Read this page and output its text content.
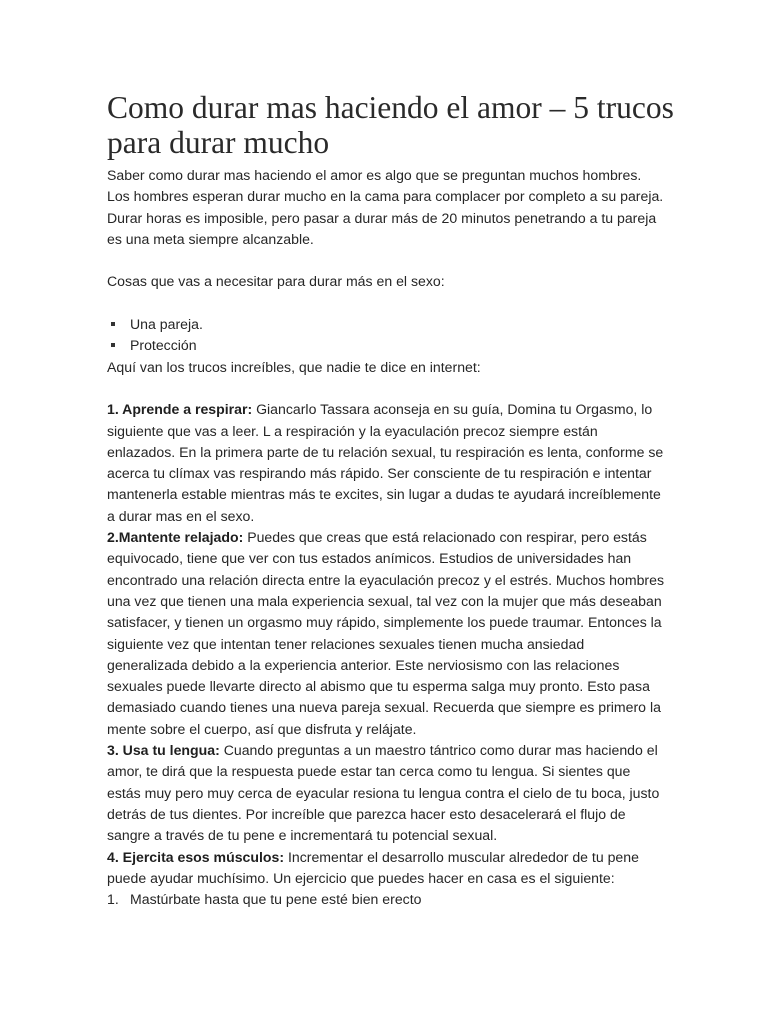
Como durar mas haciendo el amor – 5 trucos para durar mucho

Saber como durar mas haciendo el amor es algo que se preguntan muchos hombres. Los hombres esperan durar mucho en la cama para complacer por completo a su pareja. Durar horas es imposible, pero pasar a durar más de 20 minutos penetrando a tu pareja es una meta siempre alcanzable.

Cosas que vas a necesitar para durar más en el sexo:

Una pareja.
Protección

Aquí van los trucos increíbles, que nadie te dice en internet:

1. Aprende a respirar: Giancarlo Tassara aconseja en su guía, Domina tu Orgasmo, lo siguiente que vas a leer. L a respiración y la eyaculación precoz siempre están enlazados. En la primera parte de tu relación sexual, tu respiración es lenta, conforme se acerca tu clímax vas respirando más rápido. Ser consciente de tu respiración e intentar mantenerla estable mientras más te excites, sin lugar a dudas te ayudará increíblemente a durar mas en el sexo.

2.Mantente relajado: Puedes que creas que está relacionado con respirar, pero estás equivocado, tiene que ver con tus estados anímicos. Estudios de universidades han encontrado una relación directa entre la eyaculación precoz y el estrés. Muchos hombres una vez que tienen una mala experiencia sexual, tal vez con la mujer que más deseaban satisfacer, y tienen un orgasmo muy rápido, simplemente los puede traumar. Entonces la siguiente vez que intentan tener relaciones sexuales tienen mucha ansiedad generalizada debido a la experiencia anterior. Este nerviosismo con las relaciones sexuales puede llevarte directo al abismo que tu esperma salga muy pronto. Esto pasa demasiado cuando tienes una nueva pareja sexual. Recuerda que siempre es primero la mente sobre el cuerpo, así que disfruta y relájate.

3. Usa tu lengua: Cuando preguntas a un maestro tántrico como durar mas haciendo el amor, te dirá que la respuesta puede estar tan cerca como tu lengua. Si sientes que estás muy pero muy cerca de eyacular resiona tu lengua contra el cielo de tu boca, justo detrás de tus dientes. Por increíble que parezca hacer esto desacelerará el flujo de sangre a través de tu pene e incrementará tu potencial sexual.

4. Ejercita esos músculos: Incrementar el desarrollo muscular alrededor de tu pene puede ayudar muchísimo. Un ejercicio que puedes hacer en casa es el siguiente:

1. Mastúrbate hasta que tu pene esté bien erecto
